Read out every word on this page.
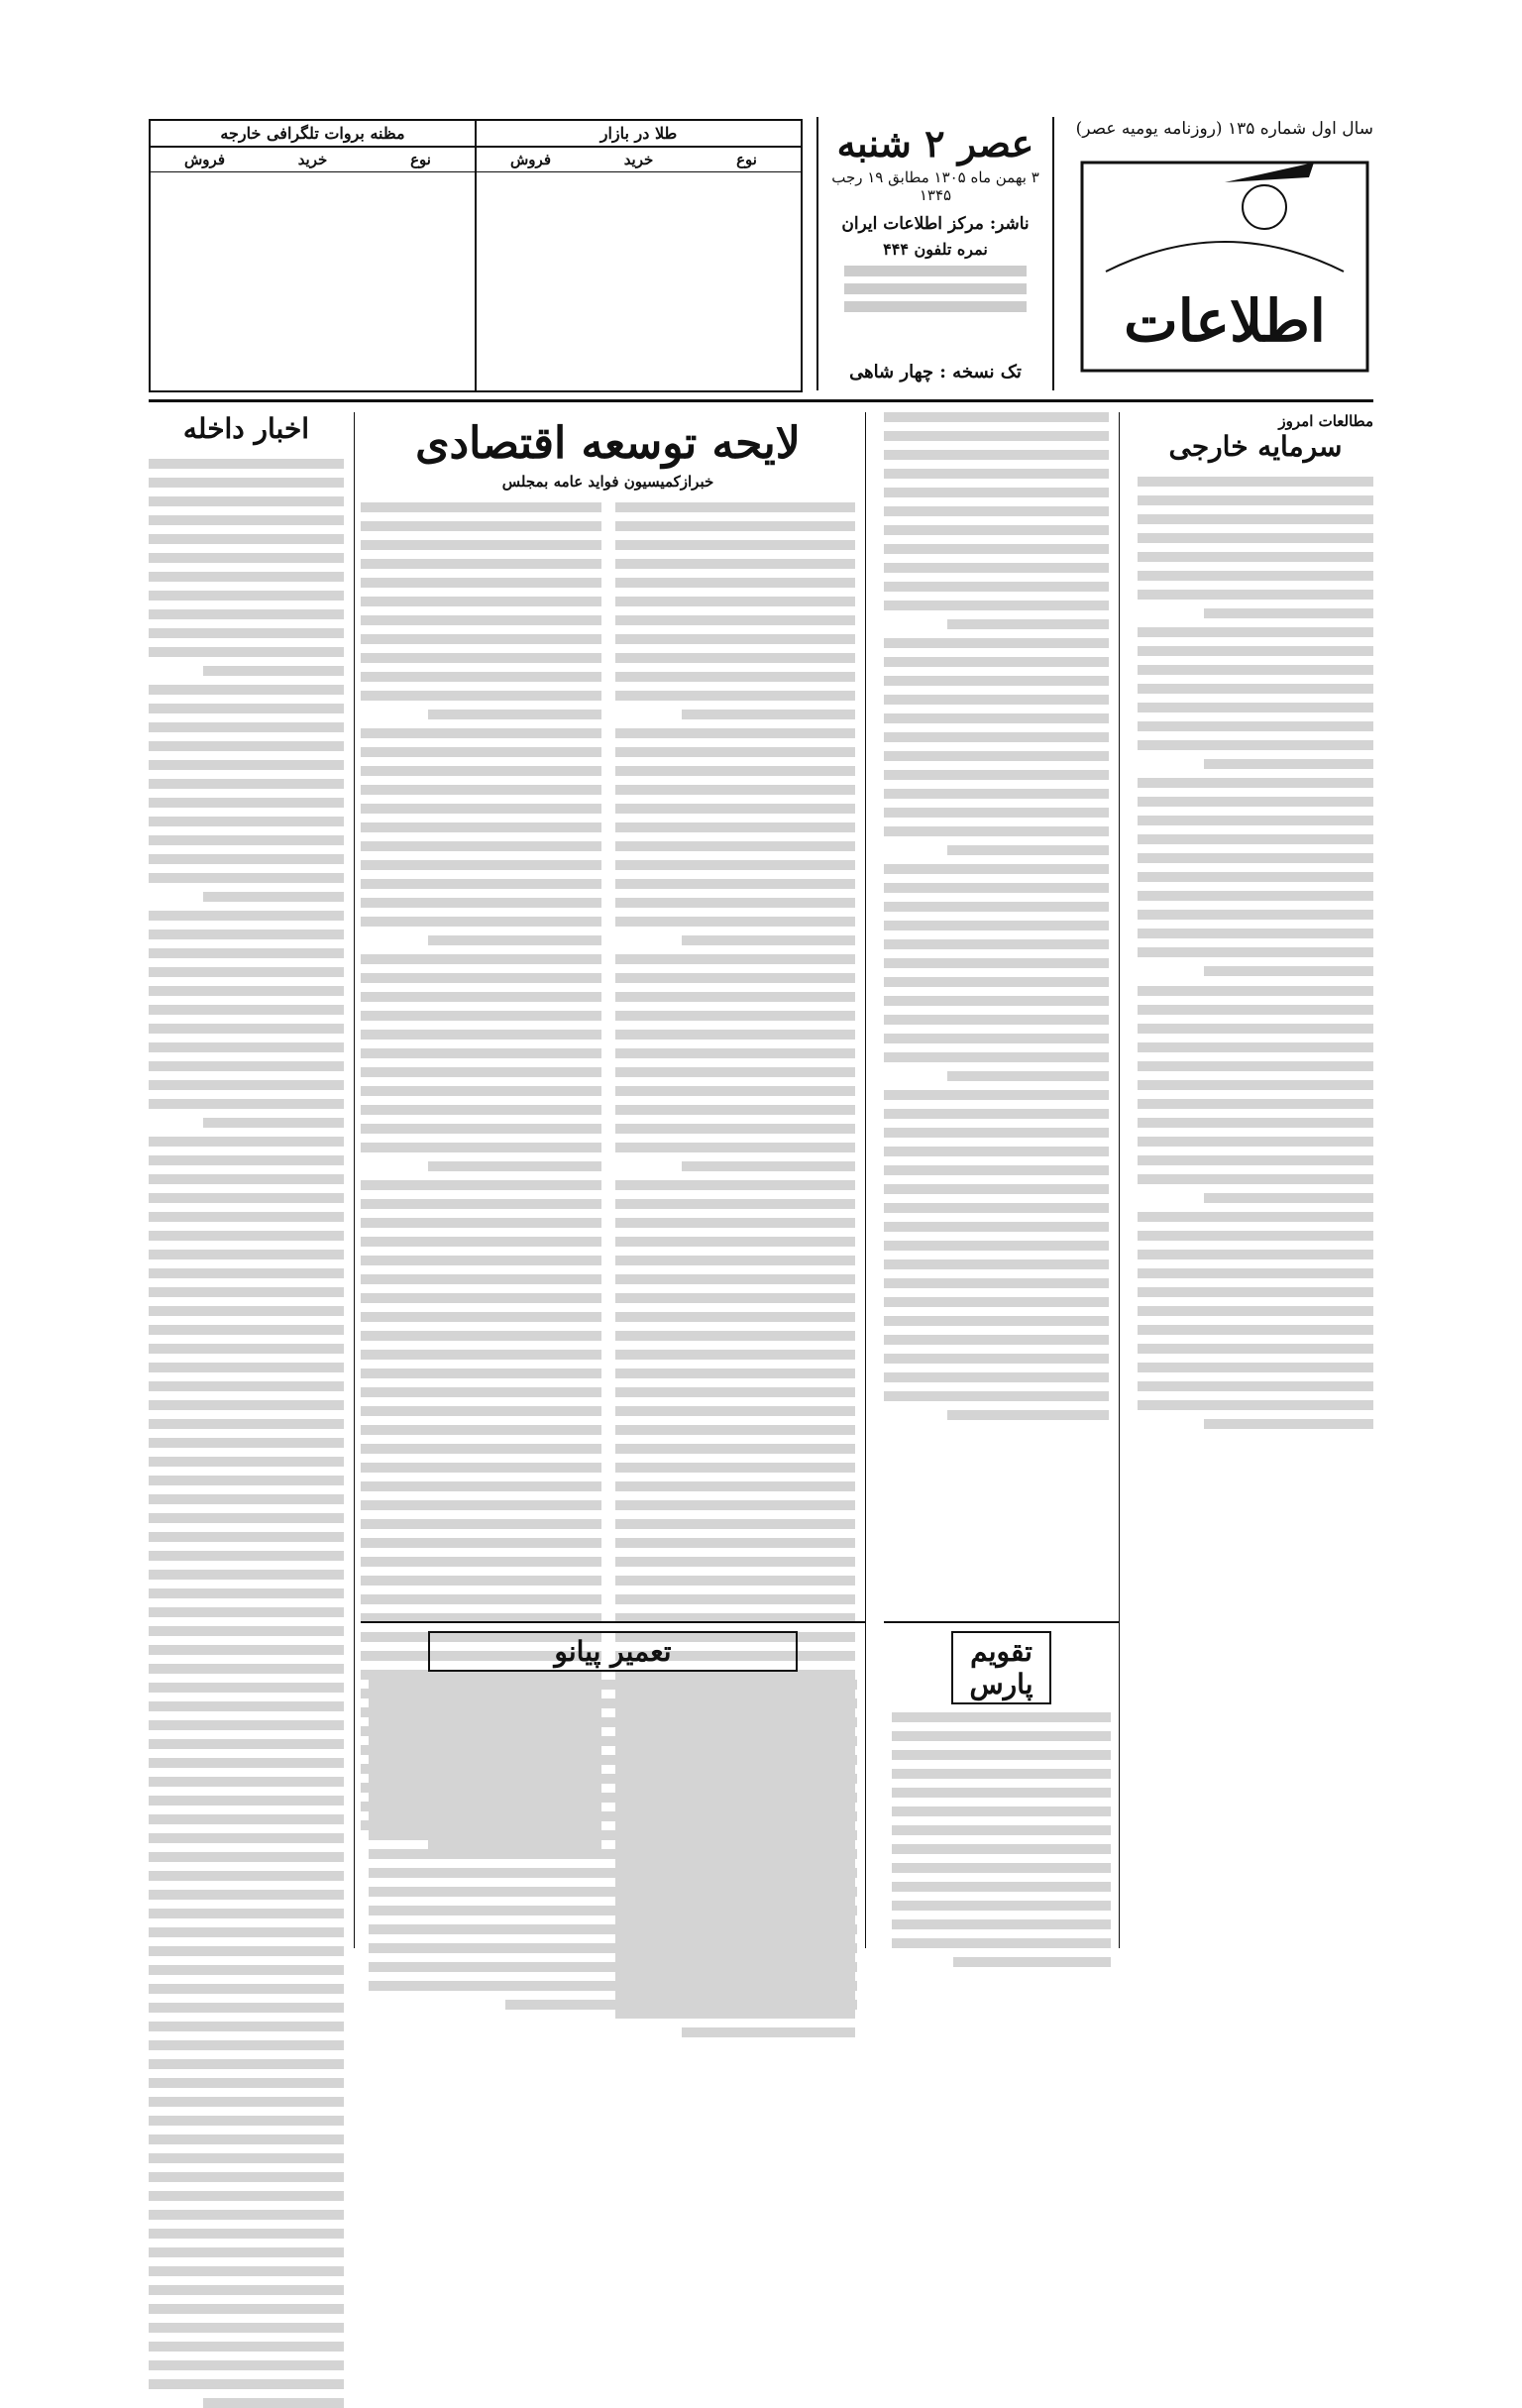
سال اول شماره ۱۳۵ (روزنامه یومیه عصر)
اطلاعات
عصر ۲ شنبه
۳ بهمن ماه ۱۳۰۵ مطابق ۱۹ رجب ۱۳۴۵
ناشر: مرکز اطلاعات ایران
نمره تلفون ۴۴۴
تک نسخه : چهار شاهی
طلا در بازار
نوع
خرید
فروش
مظنه بروات تلگرافی خارجه
نوع
خرید
فروش
مطالعات امروز
سرمایه خارجی
تقویم پارس
لایحه توسعه اقتصادی
خبرازکمیسیون فواید عامه بمجلس
تعمیر پیانو
اخبار داخله
